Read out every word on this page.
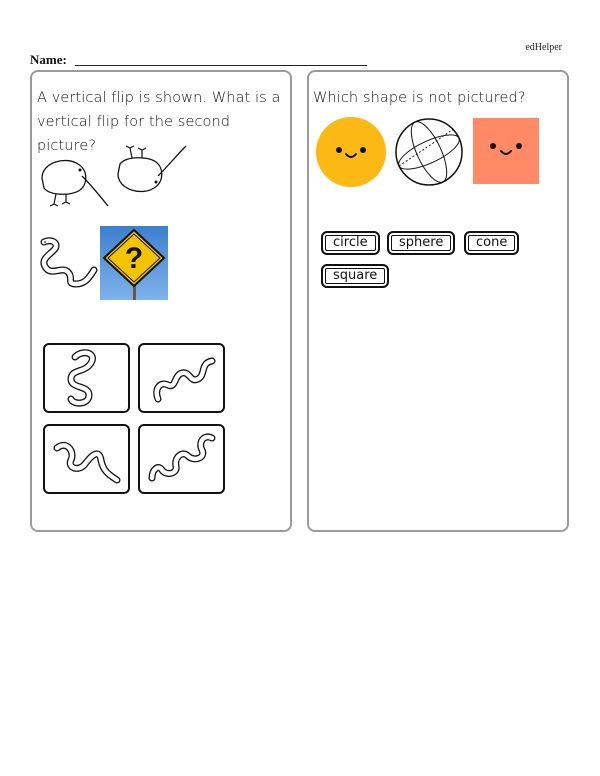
edHelper
Name:
A vertical flip is shown. What is a vertical flip for the second picture?
?
Which shape is not pictured?
circle	sphere	cone
square
